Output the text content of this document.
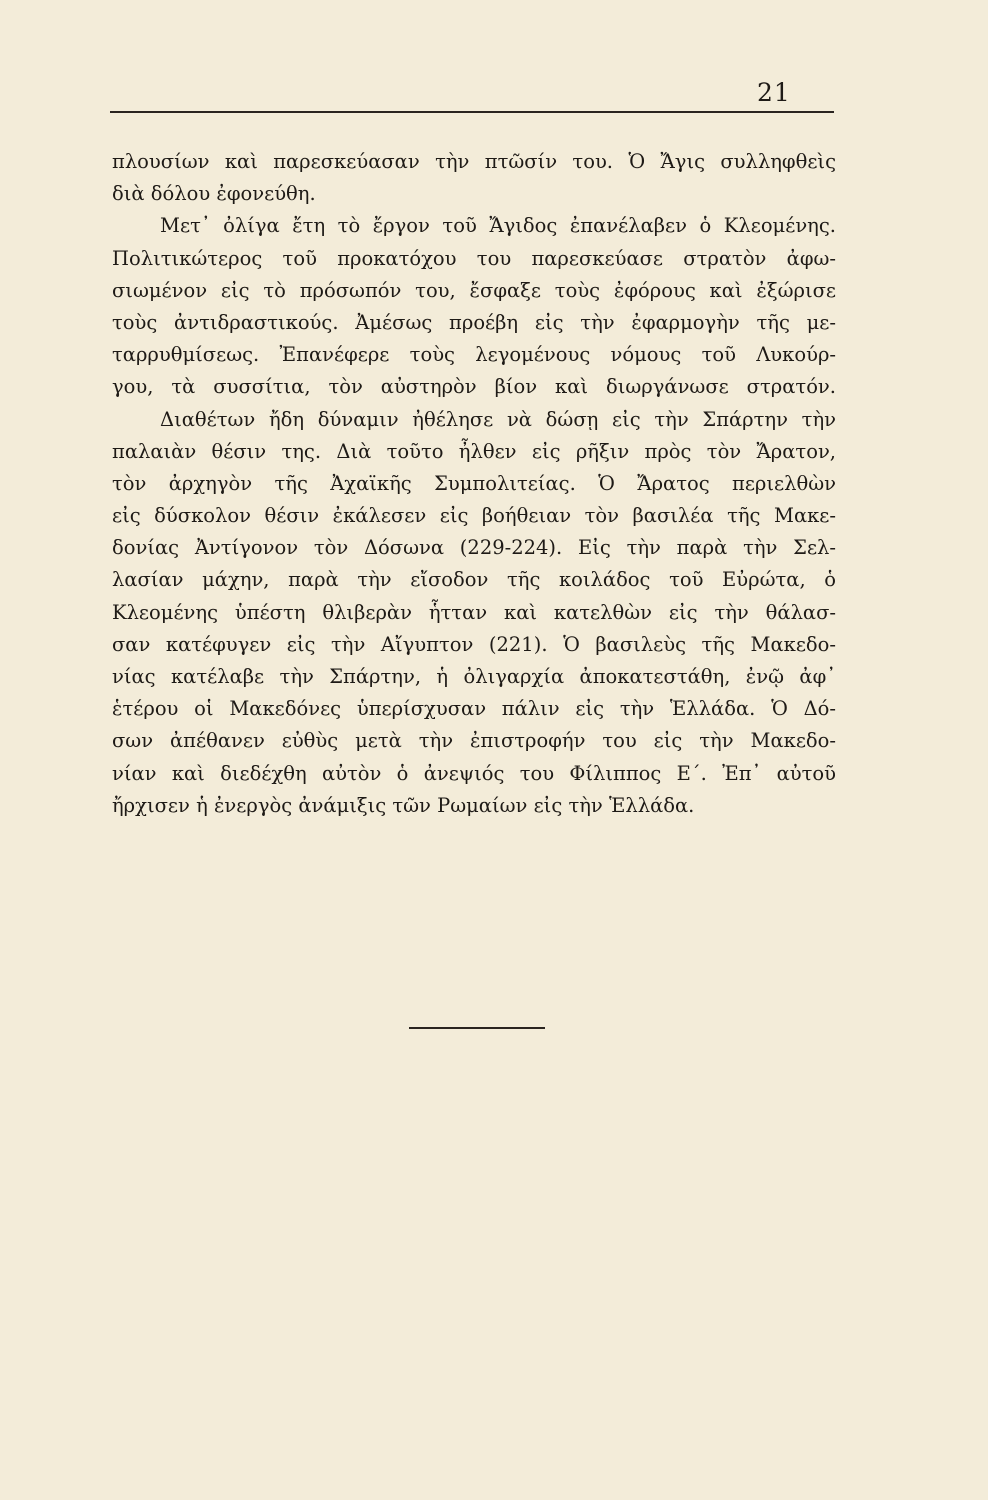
21
πλουσίων καὶ παρεσκεύασαν τὴν πτῶσίν του. Ὁ Ἄγις συλληφθεὶς
διὰ δόλου ἐφονεύθη.
Μετ᾽ ὀλίγα ἔτη τὸ ἔργον τοῦ Ἄγιδος ἐπανέλαβεν ὁ Κλεομένης.
Πολιτικώτερος τοῦ προκατόχου του παρεσκεύασε στρατὸν ἀφω-
σιωμένον εἰς τὸ πρόσωπόν του, ἔσφαξε τοὺς ἐφόρους καὶ ἐξώρισε
τοὺς ἀντιδραστικούς. Ἀμέσως προέβη εἰς τὴν ἐφαρμογὴν τῆς με-
ταρρυθμίσεως. Ἐπανέφερε τοὺς λεγομένους νόμους τοῦ Λυκούρ-
γου, τὰ συσσίτια, τὸν αὐστηρὸν βίον καὶ διωργάνωσε στρατόν.
Διαθέτων ἤδη δύναμιν ἠθέλησε νὰ δώσῃ εἰς τὴν Σπάρτην τὴν
παλαιὰν θέσιν της. Διὰ τοῦτο ἦλθεν εἰς ρῆξιν πρὸς τὸν Ἄρατον,
τὸν ἀρχηγὸν τῆς Ἀχαϊκῆς Συμπολιτείας. Ὁ Ἄρατος περιελθὼν
εἰς δύσκολον θέσιν ἐκάλεσεν εἰς βοήθειαν τὸν βασιλέα τῆς Μακε-
δονίας Ἀντίγονον τὸν Δόσωνα (229-224). Εἰς τὴν παρὰ τὴν Σελ-
λασίαν μάχην, παρὰ τὴν εἴσοδον τῆς κοιλάδος τοῦ Εὐρώτα, ὁ
Κλεομένης ὑπέστη θλιβερὰν ἧτταν καὶ κατελθὼν εἰς τὴν θάλασ-
σαν κατέφυγεν εἰς τὴν Αἴγυπτον (221). Ὁ βασιλεὺς τῆς Μακεδο-
νίας κατέλαβε τὴν Σπάρτην, ἡ ὀλιγαρχία ἀποκατεστάθη, ἐνῷ ἀφ᾽
ἑτέρου οἱ Μακεδόνες ὑπερίσχυσαν πάλιν εἰς τὴν Ἑλλάδα. Ὁ Δό-
σων ἀπέθανεν εὐθὺς μετὰ τὴν ἐπιστροφήν του εἰς τὴν Μακεδο-
νίαν καὶ διεδέχθη αὐτὸν ὁ ἀνεψιός του Φίλιππος Ε΄. Ἐπ᾽ αὐτοῦ
ἤρχισεν ἡ ἐνεργὸς ἀνάμιξις τῶν Ρωμαίων εἰς τὴν Ἑλλάδα.
